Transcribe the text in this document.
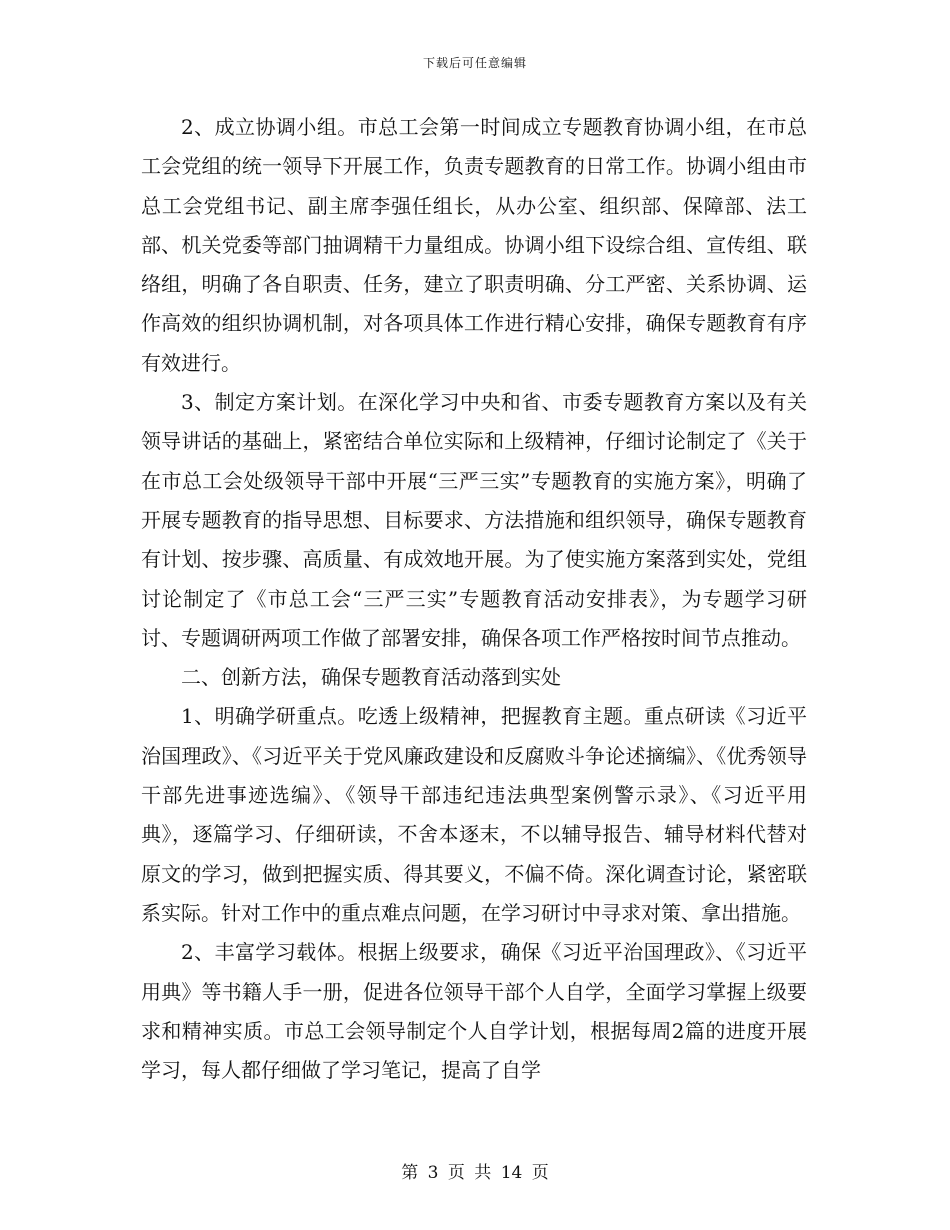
下载后可任意编辑

2、成立协调小组。市总工会第一时间成立专题教育协调小组，在市总工会党组的统一领导下开展工作，负责专题教育的日常工作。协调小组由市总工会党组书记、副主席李强任组长，从办公室、组织部、保障部、法工部、机关党委等部门抽调精干力量组成。协调小组下设综合组、宣传组、联络组，明确了各自职责、任务，建立了职责明确、分工严密、关系协调、运作高效的组织协调机制，对各项具体工作进行精心安排，确保专题教育有序有效进行。

3、制定方案计划。在深化学习中央和省、市委专题教育方案以及有关领导讲话的基础上，紧密结合单位实际和上级精神，仔细讨论制定了《关于在市总工会处级领导干部中开展“三严三实”专题教育的实施方案》，明确了开展专题教育的指导思想、目标要求、方法措施和组织领导，确保专题教育有计划、按步骤、高质量、有成效地开展。为了使实施方案落到实处，党组讨论制定了《市总工会“三严三实”专题教育活动安排表》，为专题学习研讨、专题调研两项工作做了部署安排，确保各项工作严格按时间节点推动。

二、创新方法，确保专题教育活动落到实处

1、明确学研重点。吃透上级精神，把握教育主题。重点研读《习近平治国理政》、《习近平关于党风廉政建设和反腐败斗争论述摘编》、《优秀领导干部先进事迹选编》、《领导干部违纪违法典型案例警示录》、《习近平用典》，逐篇学习、仔细研读，不舍本逐末，不以辅导报告、辅导材料代替对原文的学习，做到把握实质、得其要义，不偏不倚。深化调查讨论，紧密联系实际。针对工作中的重点难点问题，在学习研讨中寻求对策、拿出措施。

2、丰富学习载体。根据上级要求，确保《习近平治国理政》、《习近平用典》等书籍人手一册，促进各位领导干部个人自学，全面学习掌握上级要求和精神实质。市总工会领导制定个人自学计划，根据每周2篇的进度开展学习，每人都仔细做了学习笔记，提高了自学

第 3 页 共 14 页
